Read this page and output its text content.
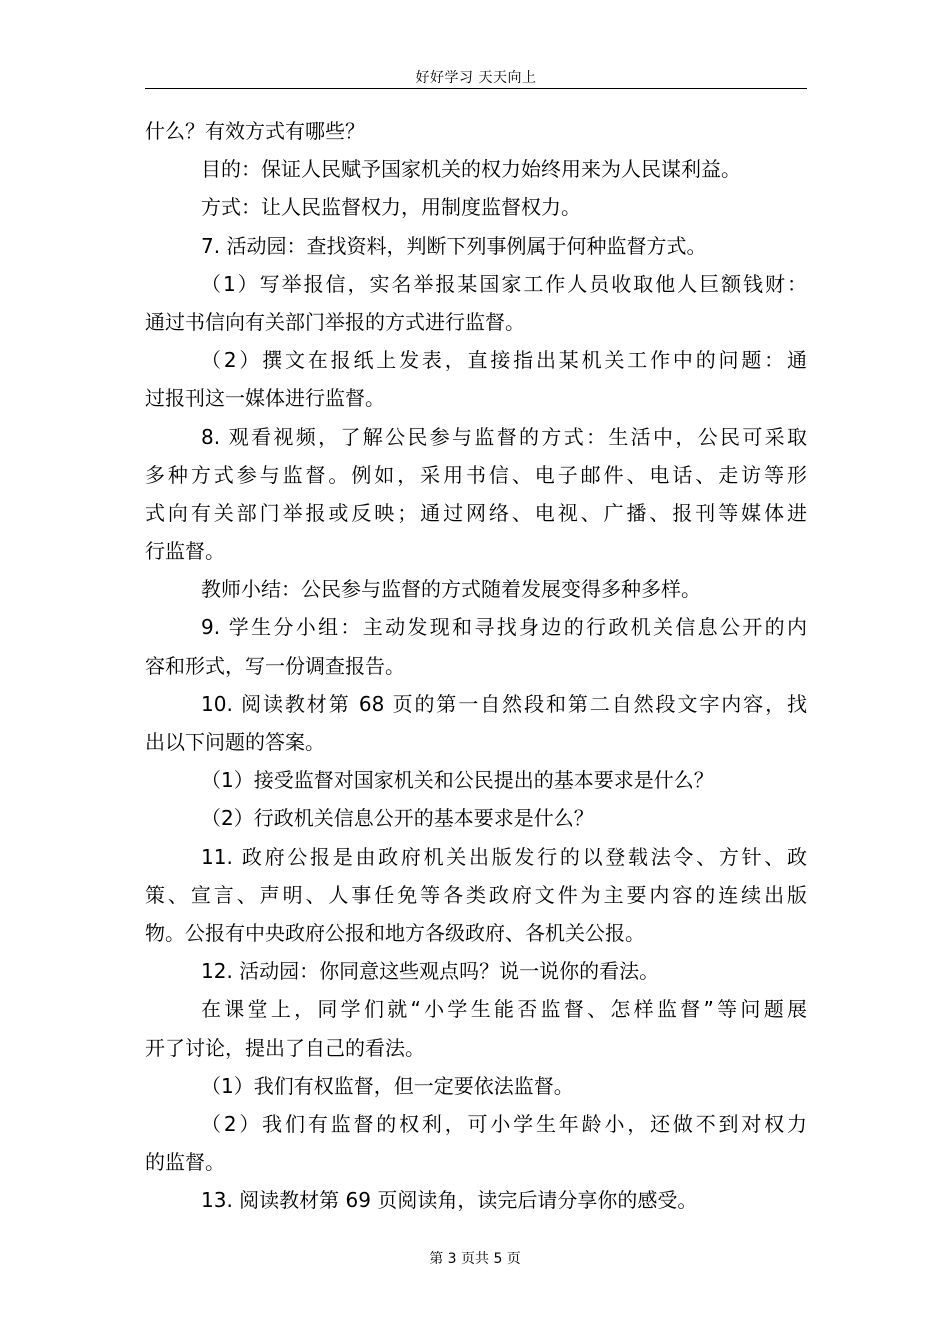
好好学习 天天向上
什么？有效方式有哪些？
目的：保证人民赋予国家机关的权力始终用来为人民谋利益。
方式：让人民监督权力，用制度监督权力。
7. 活动园：查找资料，判断下列事例属于何种监督方式。
（1）写举报信，实名举报某国家工作人员收取他人巨额钱财：
通过书信向有关部门举报的方式进行监督。
（2）撰文在报纸上发表，直接指出某机关工作中的问题：通
过报刊这一媒体进行监督。
8. 观看视频，了解公民参与监督的方式：生活中，公民可采取
多种方式参与监督。例如，采用书信、电子邮件、电话、走访等形
式向有关部门举报或反映；通过网络、电视、广播、报刊等媒体进
行监督。
教师小结：公民参与监督的方式随着发展变得多种多样。
9. 学生分小组：主动发现和寻找身边的行政机关信息公开的内
容和形式，写一份调查报告。
10. 阅读教材第 68 页的第一自然段和第二自然段文字内容，找
出以下问题的答案。
（1）接受监督对国家机关和公民提出的基本要求是什么？
（2）行政机关信息公开的基本要求是什么？
11. 政府公报是由政府机关出版发行的以登载法令、方针、政
策、宣言、声明、人事任免等各类政府文件为主要内容的连续出版
物。公报有中央政府公报和地方各级政府、各机关公报。
12. 活动园：你同意这些观点吗？说一说你的看法。
在课堂上，同学们就“小学生能否监督、怎样监督”等问题展
开了讨论，提出了自己的看法。
（1）我们有权监督，但一定要依法监督。
（2）我们有监督的权利，可小学生年龄小，还做不到对权力
的监督。
13. 阅读教材第 69 页阅读角，读完后请分享你的感受。
第 3 页共 5 页
